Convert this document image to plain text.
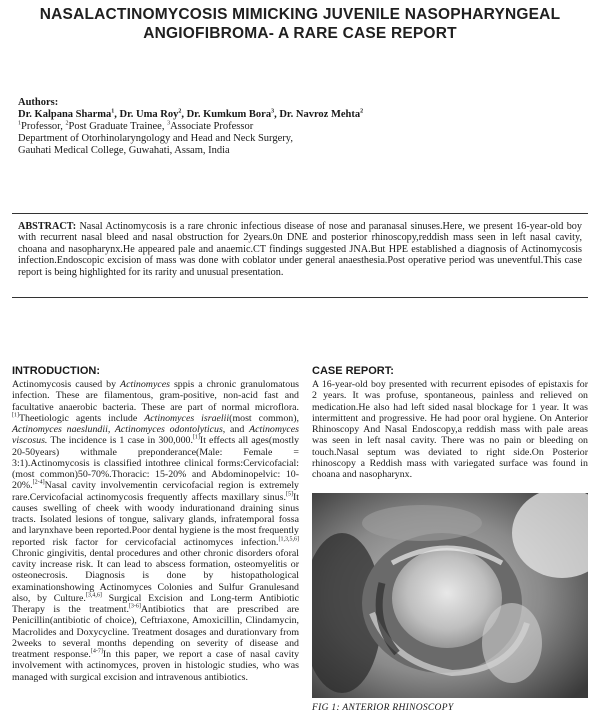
NASALACTINOMYCOSIS MIMICKING JUVENILE NASOPHARYNGEAL
ANGIOFIBROMA- A RARE CASE REPORT
Authors:
Dr. Kalpana Sharma$^1$, Dr. Uma Roy$^2$, Dr. Kumkum Bora$^3$, Dr. Navroz Mehta$^2$
$^1$Professor, $^2$Post Graduate Trainee, $^3$Associate Professor
Department of Otorhinolaryngology and Head and Neck Surgery,
Gauhati Medical College, Guwahati, Assam, India
ABSTRACT: Nasal Actinomycosis is a rare chronic infectious disease of nose and paranasal sinuses.Here, we present 16-year-old boy with recurrent nasal bleed and nasal obstruction for 2years.0n DNE and posterior rhinoscopy,reddish mass seen in left nasal cavity, choana and nasopharynx.He appeared pale and anaemic.CT findings suggested JNA.But HPE established a diagnosis of Actinomycosis infection.Endoscopic excision of mass was done with coblator under general anaesthesia.Post operative period was uneventful.This case report is being highlighted for its rarity and unusual presentation.
INTRODUCTION:
Actinomycosis caused by Actinomyces sppis a chronic granulomatous infection. These are filamentous, gram-positive, non-acid fast and facultative anaerobic bacteria. These are part of normal microflora.[1]Theetiologic agents include Actinomyces israelii(most common), Actinomyces naeslundii, Actinomyces odontolyticus, and Actinomyces viscosus. The incidence is 1 case in 300,000.[1]It effects all ages(mostly 20-50years) withmale preponderance(Male: Female = 3:1).Actinomycosis is classified intothree clinical forms:Cervicofacial: (most common)50-70%.Thoracic: 15-20% and Abdominopelvic: 10-20%.[2-4]Nasal cavity involvementin cervicofacial region is extremely rare.Cervicofacial actinomycosis frequently affects maxillary sinus.[5]It causes swelling of cheek with woody indurationand draining sinus tracts. Isolated lesions of tongue, salivary glands, infratemporal fossa and larynxhave been reported.Poor dental hygiene is the most frequently reported risk factor for cervicofacial actinomyces infection.[1,3,5,6] Chronic gingivitis, dental procedures and other chronic disorders oforal cavity increase risk. It can lead to abscess formation, osteomyelitis or osteonecrosis. Diagnosis is done by histopathological examinationshowing Actinomyces Colonies and Sulfur Granulesand also, by Culture.[3,4,6] Surgical Excision and Long-term Antibiotic Therapy is the treatment.[3-6]Antibiotics that are prescribed are Penicillin(antibiotic of choice), Ceftriaxone, Amoxicillin, Clindamycin, Macrolides and Doxycycline. Treatment dosages and durationvary from 2weeks to several months depending on severity of disease and treatment response.[4-7]In this paper, we report a case of nasal cavity involvement with actinomyces, proven in histologic studies, who was managed with surgical excision and intravenous antibiotics.
CASE REPORT:
A 16-year-old boy presented with recurrent episodes of epistaxis for 2 years. It was profuse, spontaneous, painless and relieved on medication.He also had left sided nasal blockage for 1 year. It was intermittent and progressive. He had poor oral hygiene. On Anterior Rhinoscopy And Nasal Endoscopy,a reddish mass with pale areas was seen in left nasal cavity. There was no pain or bleeding on touch.Nasal septum was deviated to right side.On Posterior rhinoscopy a Reddish mass with variegated surface was found in choana and nasopharynx.
FIG 1: ANTERIOR RHINOSCOPY
